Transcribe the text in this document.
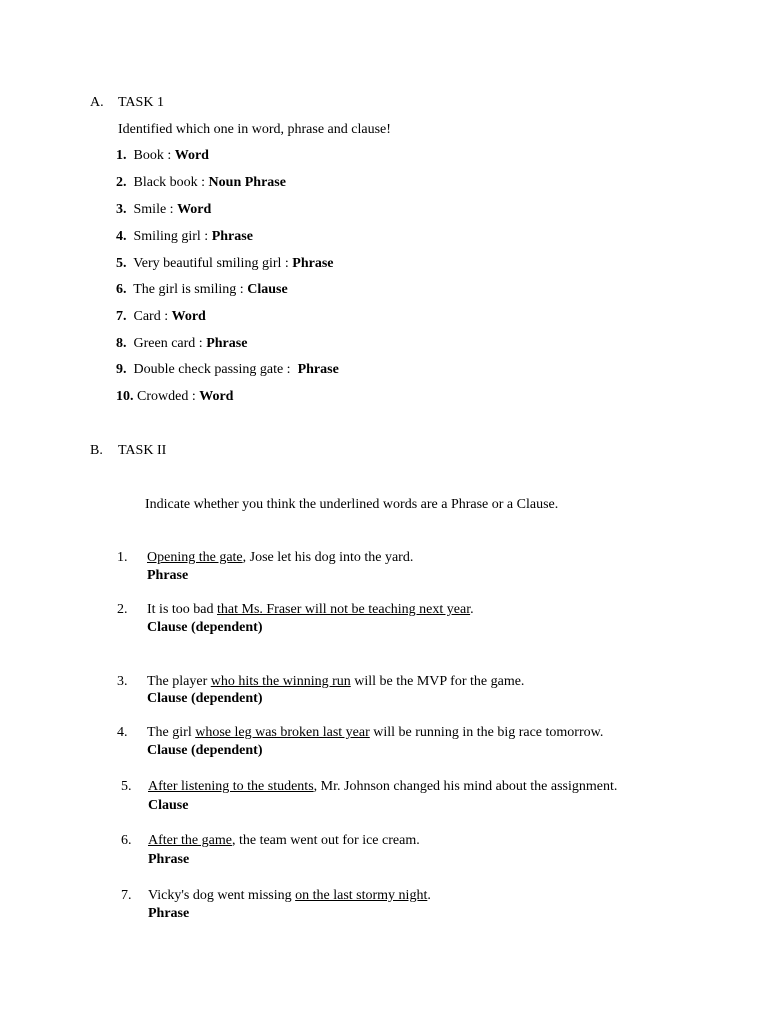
A. TASK 1
Identified which one in word, phrase and clause!
1. Book : Word
2. Black book : Noun Phrase
3. Smile : Word
4. Smiling girl : Phrase
5. Very beautiful smiling girl : Phrase
6. The girl is smiling : Clause
7. Card : Word
8. Green card : Phrase
9. Double check passing gate :  Phrase
10. Crowded : Word
B. TASK II
Indicate whether you think the underlined words are a Phrase or a Clause.
1. Opening the gate, Jose let his dog into the yard.
Phrase
2. It is too bad that Ms. Fraser will not be teaching next year.
Clause (dependent)
3. The player who hits the winning run will be the MVP for the game.
Clause (dependent)
4. The girl whose leg was broken last year will be running in the big race tomorrow.
Clause (dependent)
5. After listening to the students, Mr. Johnson changed his mind about the assignment.
Clause
6. After the game, the team went out for ice cream.
Phrase
7. Vicky's dog went missing on the last stormy night.
Phrase
